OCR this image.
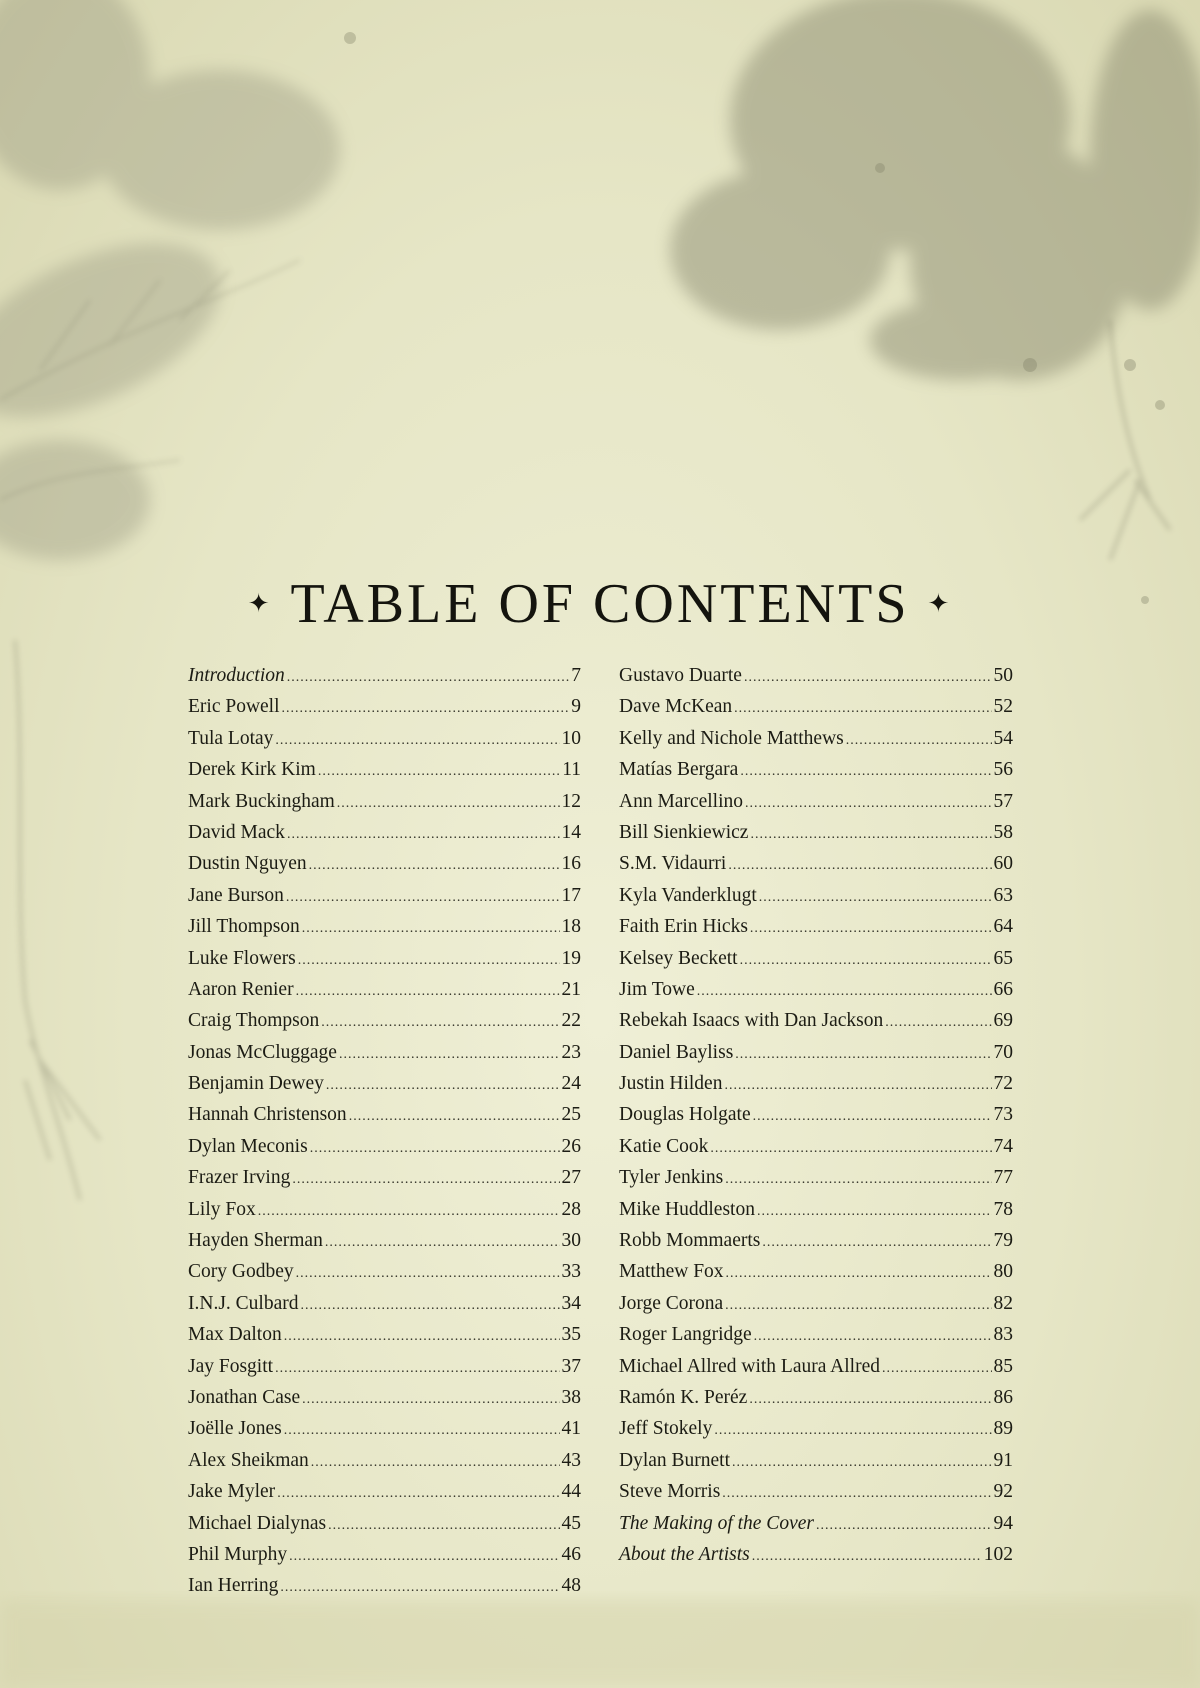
✦ TABLE OF CONTENTS ✦
Introduction .....	7
Eric Powell .....	9
Tula Lotay .....	10
Derek Kirk Kim .....	11
Mark Buckingham .....	12
David Mack .....	14
Dustin Nguyen .....	16
Jane Burson .....	17
Jill Thompson .....	18
Luke Flowers .....	19
Aaron Renier .....	21
Craig Thompson .....	22
Jonas McCluggage .....	23
Benjamin Dewey .....	24
Hannah Christenson .....	25
Dylan Meconis .....	26
Frazer Irving .....	27
Lily Fox .....	28
Hayden Sherman .....	30
Cory Godbey .....	33
I.N.J. Culbard .....	34
Max Dalton .....	35
Jay Fosgitt .....	37
Jonathan Case .....	38
Joëlle Jones .....	41
Alex Sheikman .....	43
Jake Myler .....	44
Michael Dialynas .....	45
Phil Murphy .....	46
Ian Herring .....	48
Gustavo Duarte .....	50
Dave McKean .....	52
Kelly and Nichole Matthews .....	54
Matías Bergara .....	56
Ann Marcellino .....	57
Bill Sienkiewicz .....	58
S.M. Vidaurri .....	60
Kyla Vanderklugt .....	63
Faith Erin Hicks .....	64
Kelsey Beckett .....	65
Jim Towe .....	66
Rebekah Isaacs with Dan Jackson .....	69
Daniel Bayliss .....	70
Justin Hilden .....	72
Douglas Holgate .....	73
Katie Cook .....	74
Tyler Jenkins .....	77
Mike Huddleston .....	78
Robb Mommaerts .....	79
Matthew Fox .....	80
Jorge Corona .....	82
Roger Langridge .....	83
Michael Allred with Laura Allred .....	85
Ramón K. Peréz .....	86
Jeff Stokely .....	89
Dylan Burnett .....	91
Steve Morris .....	92
The Making of the Cover .....	94
About the Artists .....	102
